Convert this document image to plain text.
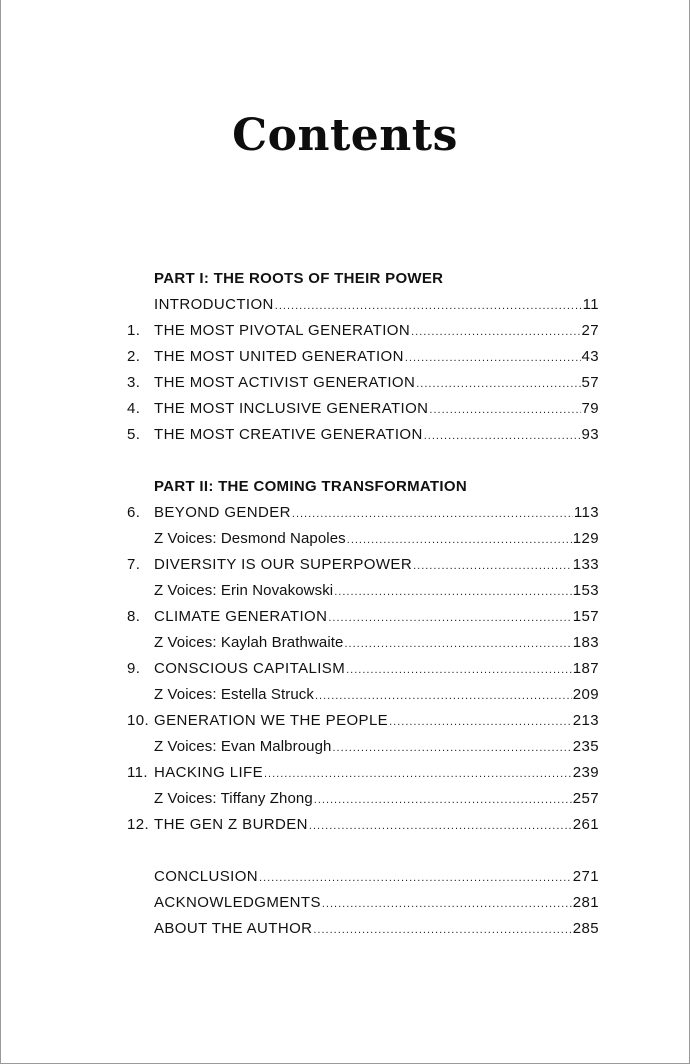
Contents
PART I: THE ROOTS OF THEIR POWER
INTRODUCTION .....	11
1. THE MOST PIVOTAL GENERATION .....	27
2. THE MOST UNITED GENERATION .....	43
3. THE MOST ACTIVIST GENERATION .....	57
4. THE MOST INCLUSIVE GENERATION .....	79
5. THE MOST CREATIVE GENERATION .....	93
PART II: THE COMING TRANSFORMATION
6. BEYOND GENDER .....	113
Z Voices: Desmond Napoles .....	129
7. DIVERSITY IS OUR SUPERPOWER .....	133
Z Voices: Erin Novakowski .....	153
8. CLIMATE GENERATION .....	157
Z Voices: Kaylah Brathwaite .....	183
9. CONSCIOUS CAPITALISM .....	187
Z Voices: Estella Struck .....	209
10. GENERATION WE THE PEOPLE .....	213
Z Voices: Evan Malbrough .....	235
11. HACKING LIFE .....	239
Z Voices: Tiffany Zhong .....	257
12. THE GEN Z BURDEN .....	261
CONCLUSION .....	271
ACKNOWLEDGMENTS .....	281
ABOUT THE AUTHOR .....	285
